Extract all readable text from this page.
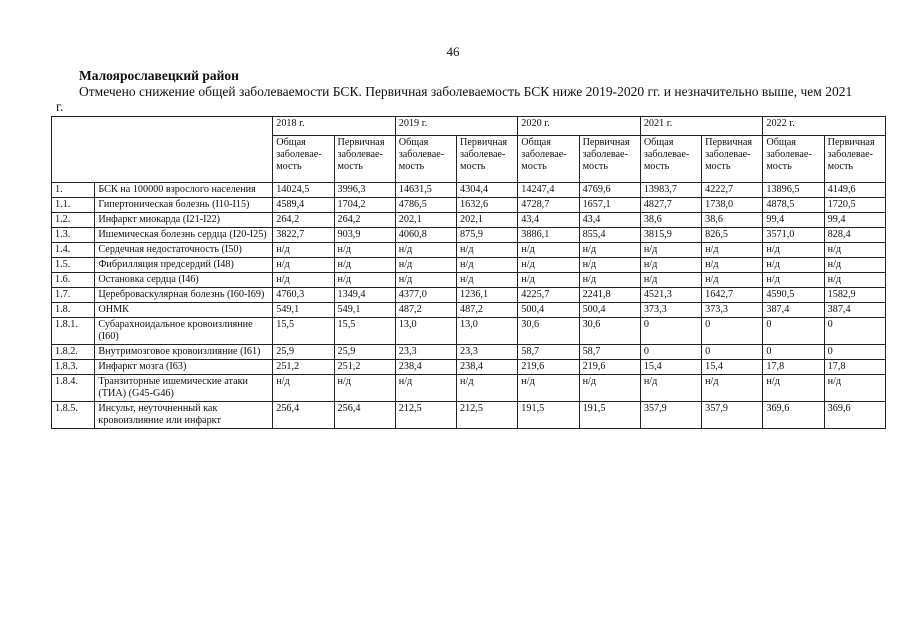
46
Малоярославецкий район
Отмечено снижение общей заболеваемости БСК. Первичная заболеваемость БСК ниже 2019-2020 гг. и незначительно выше, чем 2021 г.
		2018 г.		2019 г.		2020 г.		2021 г.		2022 г.	
		Общая заболевае-мость	Первичная заболевае-мость	Общая заболевае-мость	Первичная заболевае-мость	Общая заболевае-мость	Первичная заболевае-мость	Общая заболевае-мость	Первичная заболевае-мость	Общая заболевае-мость	Первичная заболевае-мость
1.	БСК на 100000 взрослого населения	14024,5	3996,3	14631,5	4304,4	14247,4	4769,6	13983,7	4222,7	13896,5	4149,6
1.1.	Гипертоническая болезнь (I10-I15)	4589,4	1704,2	4786,5	1632,6	4728,7	1657,1	4827,7	1738,0	4878,5	1720,5
1.2.	Инфаркт миокарда (I21-I22)	264,2	264,2	202,1	202,1	43,4	43,4	38,6	38,6	99,4	99,4
1.3.	Ишемическая болезнь сердца (I20-I25)	3822,7	903,9	4060,8	875,9	3886,1	855,4	3815,9	826,5	3571,0	828,4
1.4.	Сердечная недостаточность (I50)	н/д	н/д	н/д	н/д	н/д	н/д	н/д	н/д	н/д	н/д
1.5.	Фибрилляция предсердий (I48)	н/д	н/д	н/д	н/д	н/д	н/д	н/д	н/д	н/д	н/д
1.6.	Остановка сердца (I46)	н/д	н/д	н/д	н/д	н/д	н/д	н/д	н/д	н/д	н/д
1.7.	Цереброваскулярная болезнь (I60-I69)	4760,3	1349,4	4377,0	1236,1	4225,7	2241,8	4521,3	1642,7	4590,5	1582,9
1.8.	ОНМК	549,1	549,1	487,2	487,2	500,4	500,4	373,3	373,3	387,4	387,4
1.8.1.	Субарахноидальное кровоизлияние (I60)	15,5	15,5	13,0	13,0	30,6	30,6	0	0	0	0
1.8.2.	Внутримозговое кровоизлияние (I61)	25,9	25,9	23,3	23,3	58,7	58,7	0	0	0	0
1.8.3.	Инфаркт мозга (I63)	251,2	251,2	238,4	238,4	219,6	219,6	15,4	15,4	17,8	17,8
1.8.4.	Транзиторные ишемические атаки (ТИА) (G45-G46)	н/д	н/д	н/д	н/д	н/д	н/д	н/д	н/д	н/д	н/д
1.8.5.	Инсульт, неуточненный как кровоизлияние или инфаркт	256,4	256,4	212,5	212,5	191,5	191,5	357,9	357,9	369,6	369,6
